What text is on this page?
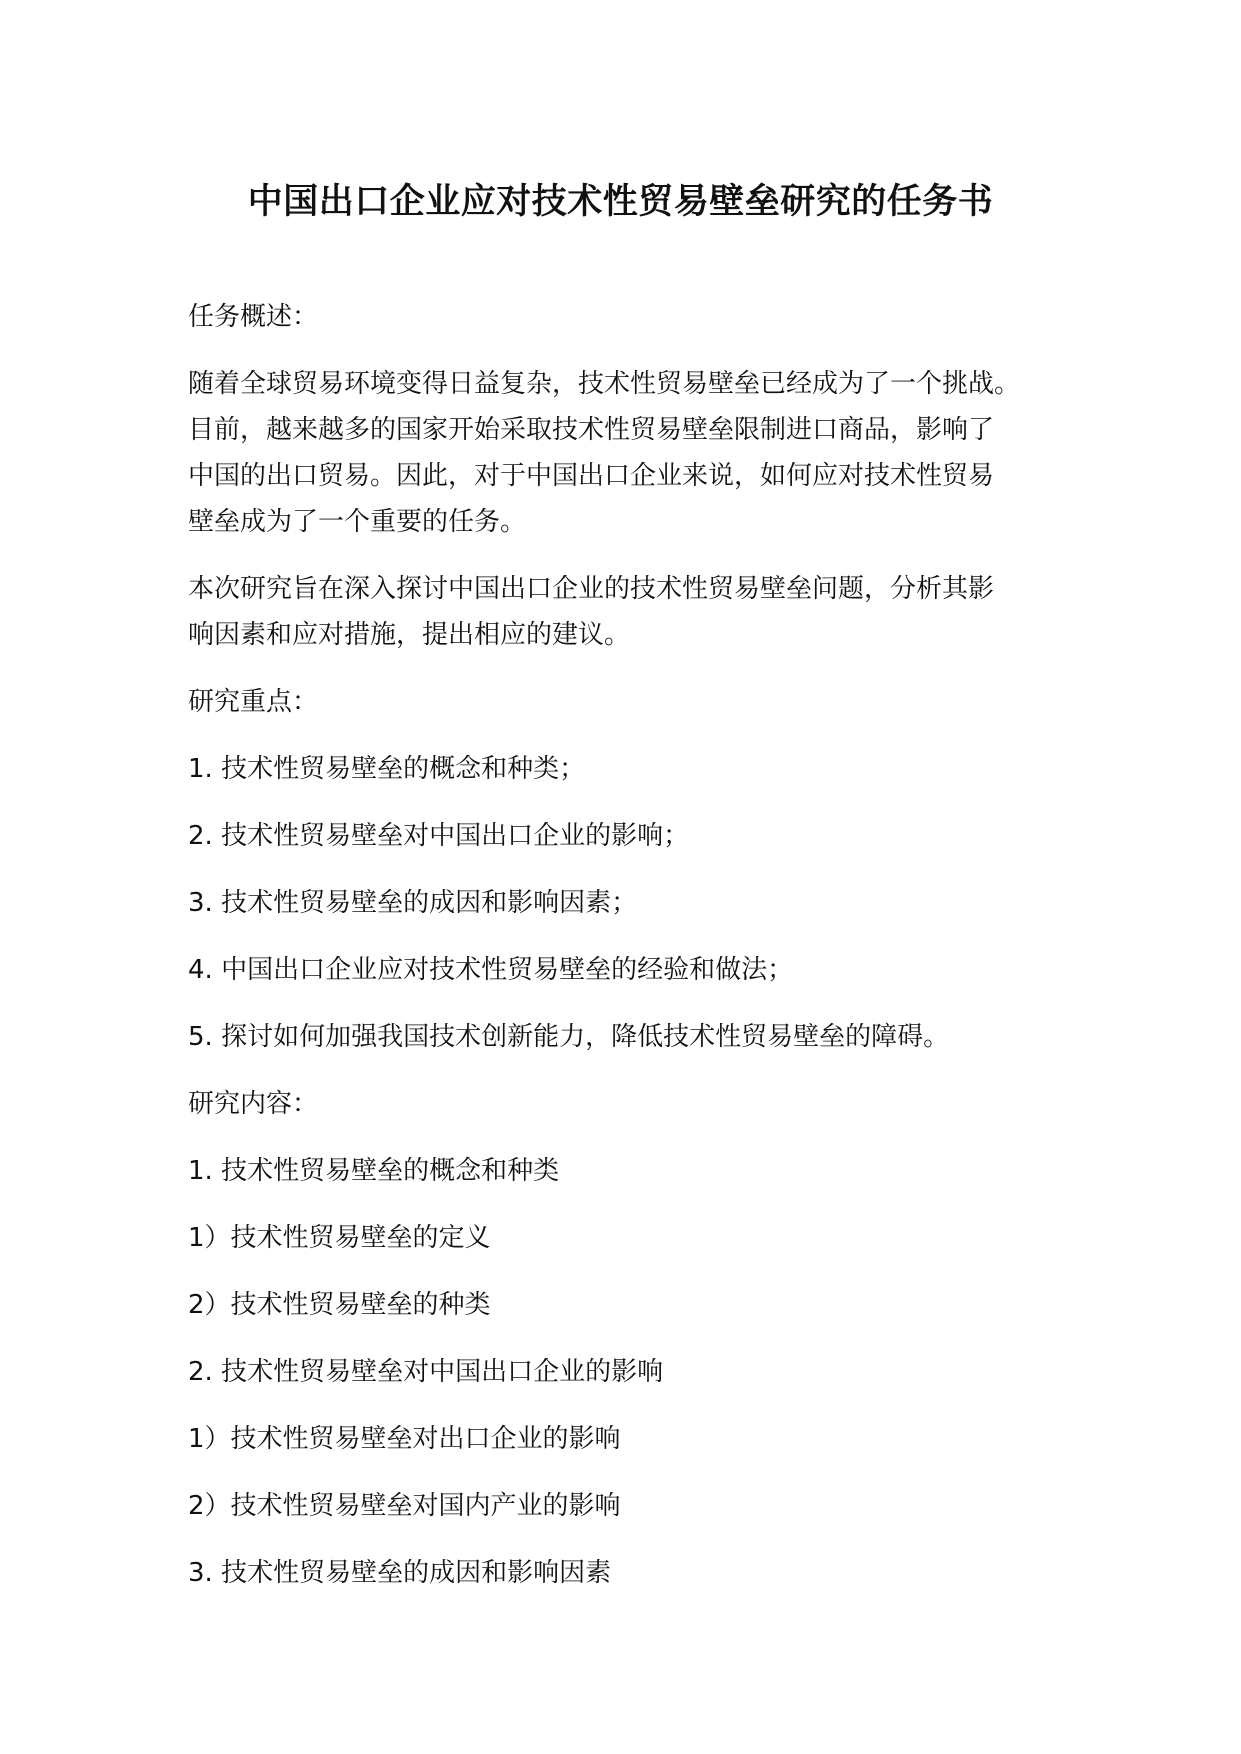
中国出口企业应对技术性贸易壁垒研究的任务书
任务概述：
随着全球贸易环境变得日益复杂，技术性贸易壁垒已经成为了一个挑战。
目前，越来越多的国家开始采取技术性贸易壁垒限制进口商品，影响了
中国的出口贸易。因此，对于中国出口企业来说，如何应对技术性贸易
壁垒成为了一个重要的任务。
本次研究旨在深入探讨中国出口企业的技术性贸易壁垒问题，分析其影
响因素和应对措施，提出相应的建议。
研究重点：
1. 技术性贸易壁垒的概念和种类；
2. 技术性贸易壁垒对中国出口企业的影响；
3. 技术性贸易壁垒的成因和影响因素；
4. 中国出口企业应对技术性贸易壁垒的经验和做法；
5. 探讨如何加强我国技术创新能力，降低技术性贸易壁垒的障碍。
研究内容：
1. 技术性贸易壁垒的概念和种类
1）技术性贸易壁垒的定义
2）技术性贸易壁垒的种类
2. 技术性贸易壁垒对中国出口企业的影响
1）技术性贸易壁垒对出口企业的影响
2）技术性贸易壁垒对国内产业的影响
3. 技术性贸易壁垒的成因和影响因素
